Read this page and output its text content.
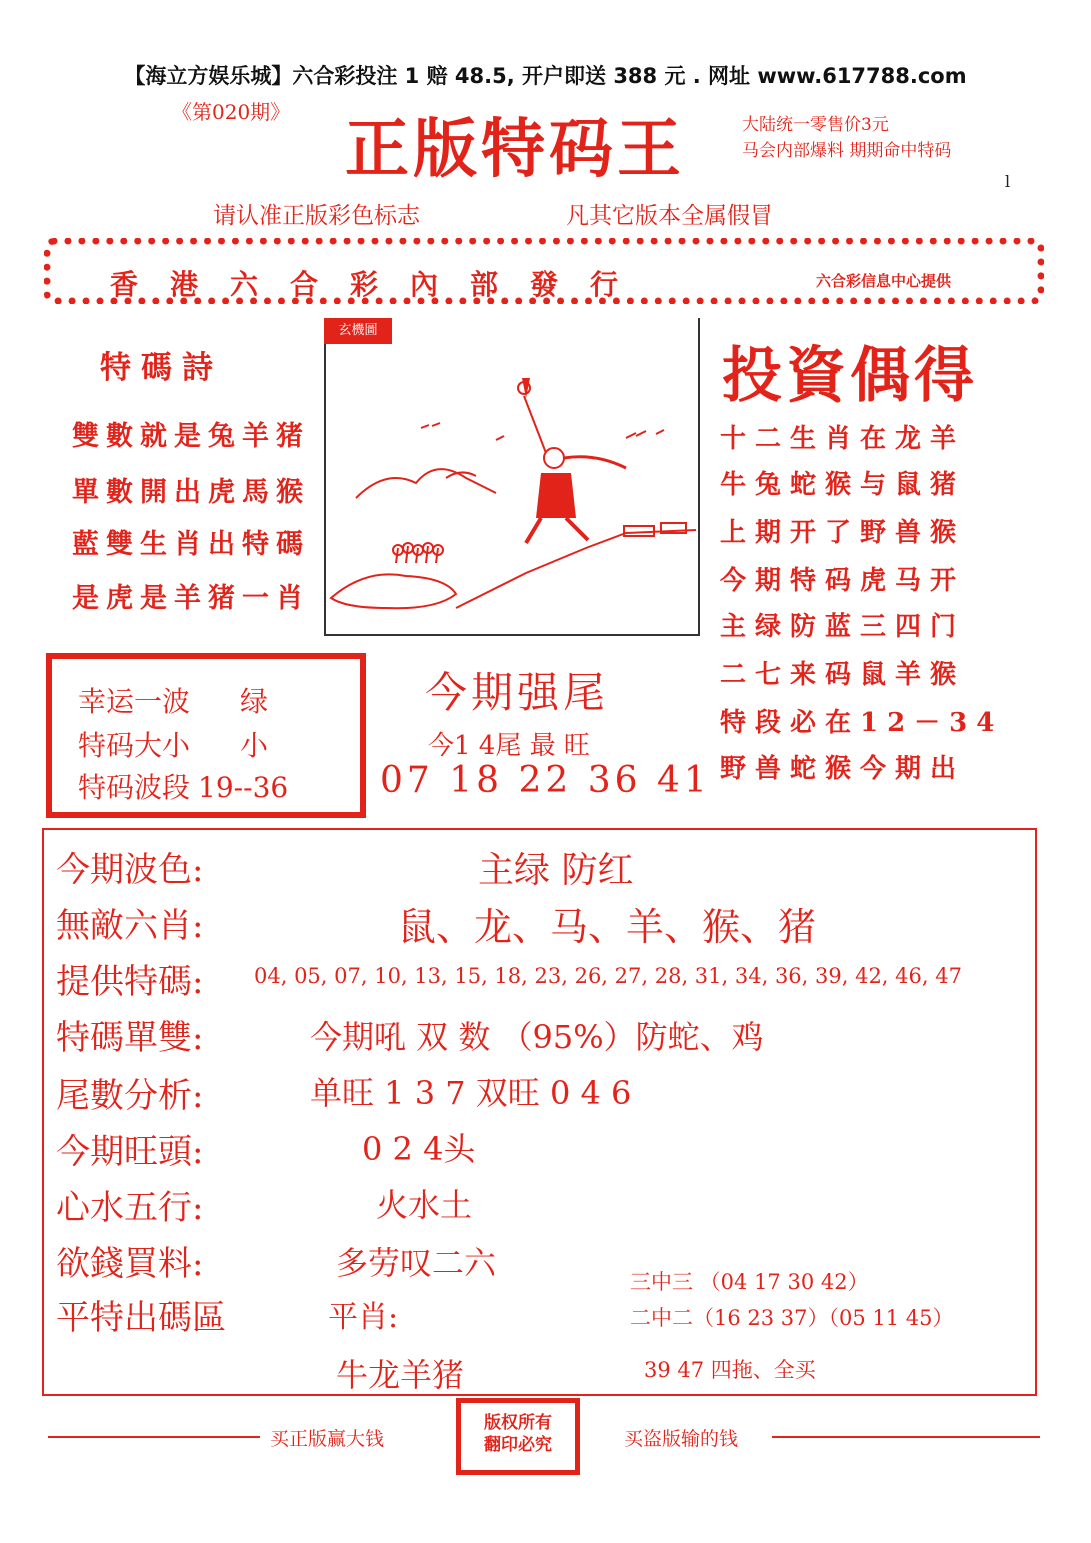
【海立方娱乐城】六合彩投注 1 赔 48.5, 开户即送 388 元 . 网址 www.617788.com
《第020期》 正版特码王	大陆统一零售价3元
马会内部爆料 期期命中特码
l
请认准正版彩色标志	凡其它版本全属假冒
香港六合彩內部發行	六合彩信息中心提供
特碼詩
雙數就是兔羊猪
單數開出虎馬猴
藍雙生肖出特碼
是虎是羊猪一肖
玄機圖
投資偶得
十二生肖在龙羊
牛兔蛇猴与鼠猪
上期开了野兽猴
今期特码虎马开
主绿防蓝三四门
二七来码鼠羊猴
特段必在12－34
野兽蛇猴今期出
幸运一波 绿
特码大小 小
特码波段 19--36
今期强尾
今1 4尾 最 旺
07 18 22 36 41
今期波色:	主绿 防红
無敵六肖:	鼠、龙、马、羊、猴、猪
提供特碼: 04, 05, 07, 10, 13, 15, 18, 23, 26, 27, 28, 31, 34, 36, 39, 42, 46, 47
特碼單雙:	今期吼 双 数 （95%）防蛇、鸡
尾數分析:	单旺 1 3 7 双旺 0 4 6
今期旺頭:	0 2 4头
心水五行:	火水土
欲錢買料:	多劳叹二六
平特出碼區	平肖:
牛龙羊猪
三中三 （04 17 30 42）
二中二（16 23 37）（05 11 45）
39 47 四拖、全买
买正版赢大钱
版权所有
翻印必究	买盗版输的钱
